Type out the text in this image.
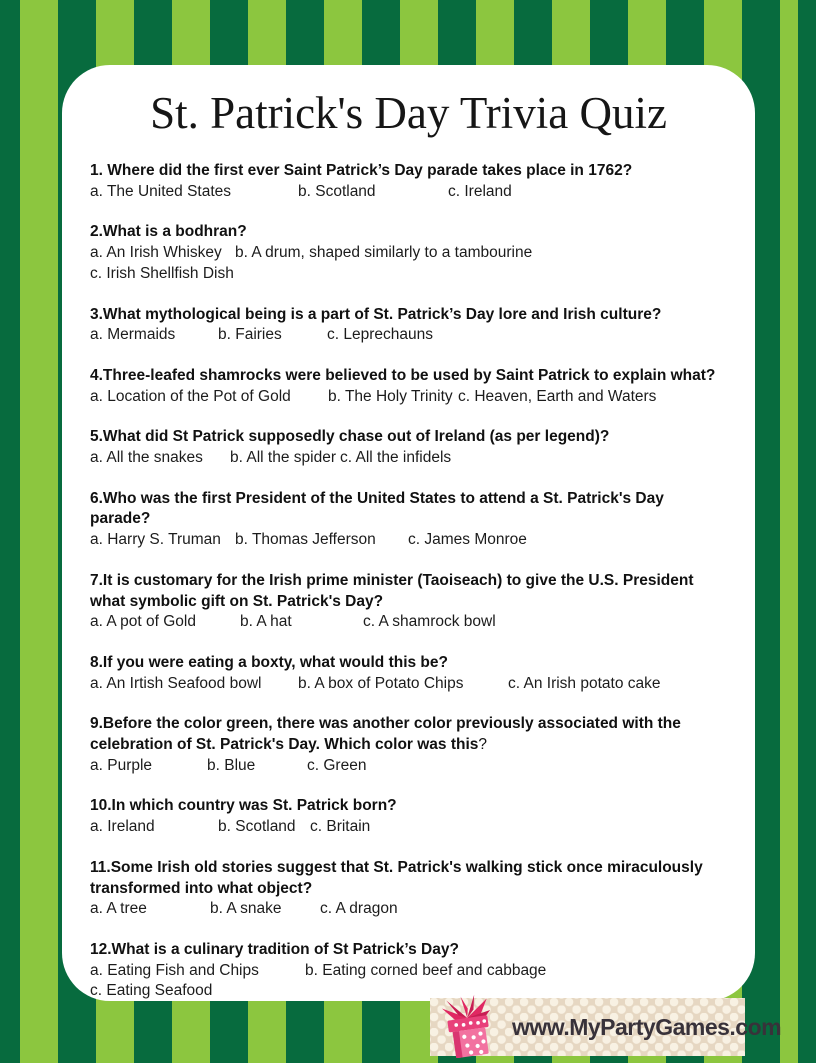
St. Patrick's Day Trivia Quiz

1. Where did the first ever Saint Patrick’s Day parade takes place in 1762?

a. The United States	b. Scotland	c. Ireland

2.What is a bodhran?

a. An Irish Whiskey b. A drum, shaped similarly to a tambourine
c. Irish Shellfish Dish

3.What mythological being is a part of St. Patrick’s Day lore and Irish culture?

a. Mermaids	b. Fairies	c. Leprechauns

4.Three-leafed shamrocks were believed to be used by Saint Patrick to explain what?

a. Location of the Pot of Gold	b. The Holy Trinity c. Heaven, Earth and Waters

5.What did St Patrick supposedly chase out of Ireland (as per legend)?

a. All the snakes	b. All the spider c. All the infidels

6.Who was the first President of the United States to attend a St. Patrick's Day parade?

a. Harry S. Truman b. Thomas Jefferson	c. James Monroe

7.It is customary for the Irish prime minister (Taoiseach) to give the U.S. President what symbolic gift on St. Patrick's Day?

a. A pot of Gold	b. A hat	c. A shamrock bowl

8.If you were eating a boxty, what would this be?

a. An Irtish Seafood bowl	b. A box of Potato Chips	c. An Irish potato cake

9.Before the color green, there was another color previously associated with the celebration of St. Patrick's Day. Which color was this?

a. Purple	b. Blue	c. Green

10.In which country was St. Patrick born?

a. Ireland	b. Scotland c. Britain

11.Some Irish old stories suggest that St. Patrick's walking stick once miraculously transformed into what object?

a. A tree	b. A snake	c. A dragon

12.What is a culinary tradition of St Patrick’s Day?

a. Eating Fish and Chips	b. Eating corned beef and cabbage
c. Eating Seafood

www.MyPartyGames.com
